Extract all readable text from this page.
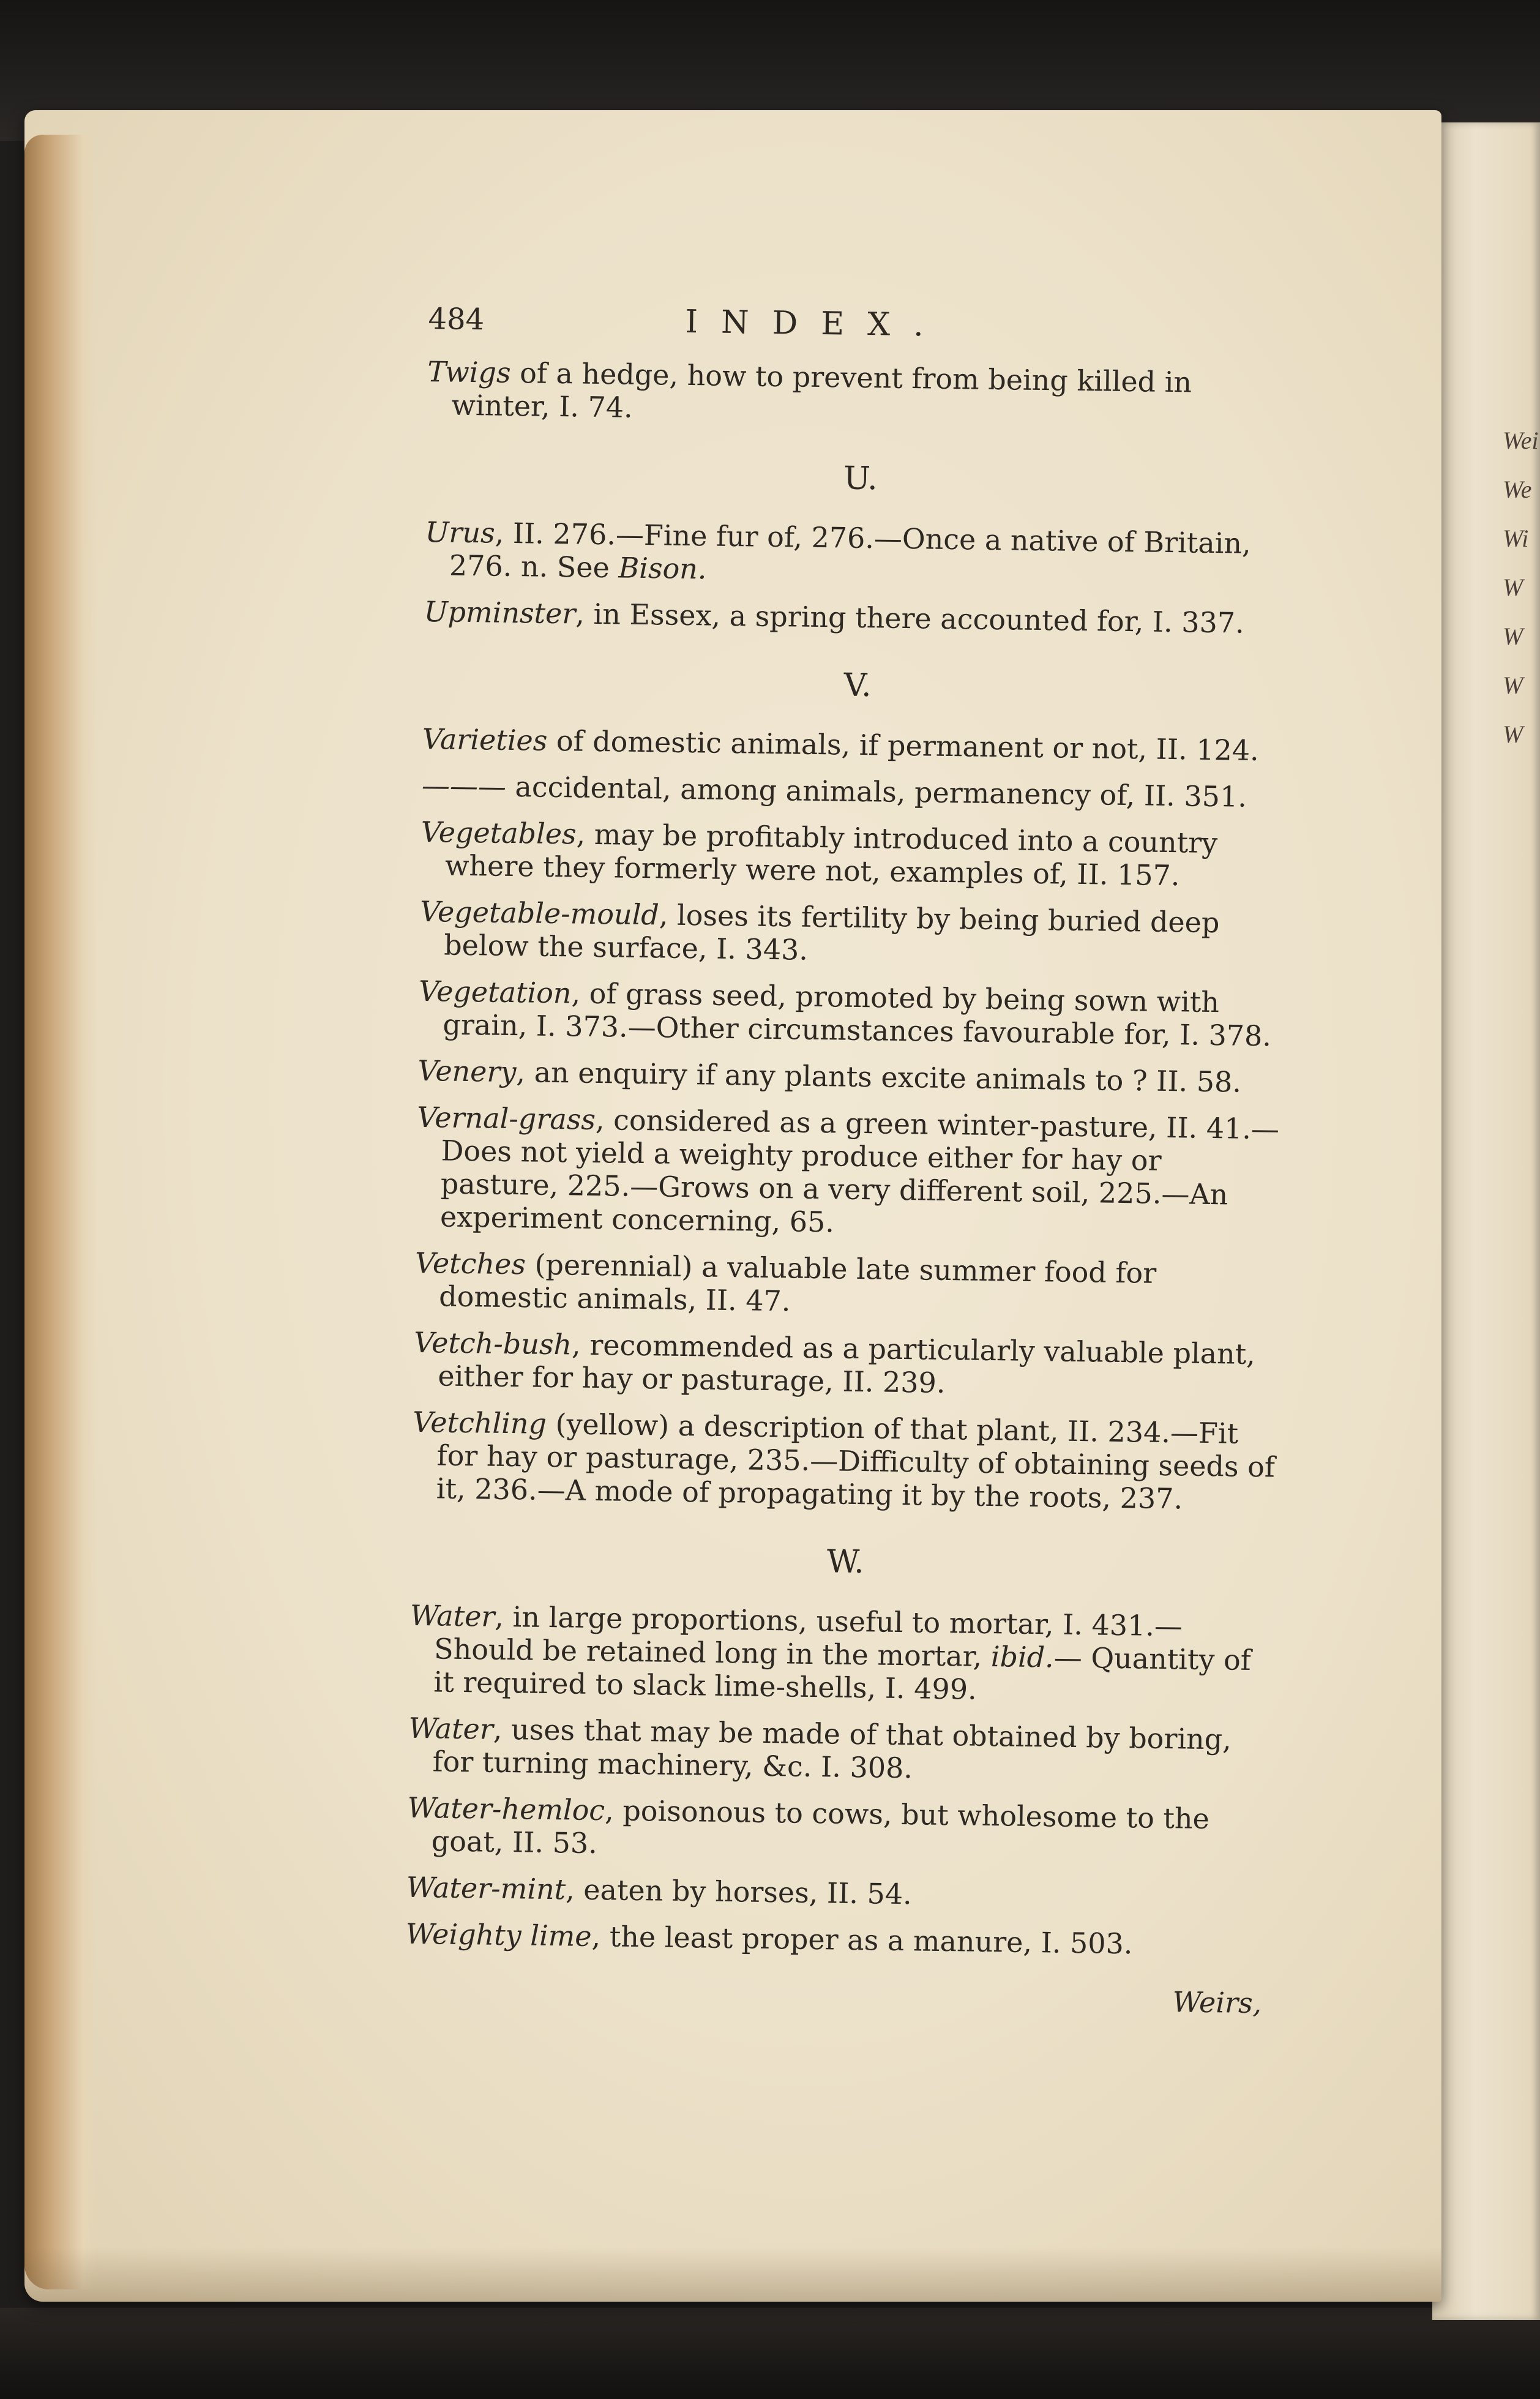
Wei
We
Wi
W
W
W
W
484	INDEX.
Twigs of a hedge, how to prevent from being killed in winter, I. 74.
U.
Urus, II. 276.—Fine fur of, 276.—Once a native of Britain, 276. n. See Bison.
Upminster, in Essex, a spring there accounted for, I. 337.
V.
Varieties of domestic animals, if permanent or not, II. 124.
——— accidental, among animals, permanency of, II. 351.
Vegetables, may be profitably introduced into a country where they formerly were not, examples of, II. 157.
Vegetable-mould, loses its fertility by being buried deep below the surface, I. 343.
Vegetation, of grass seed, promoted by being sown with grain, I. 373.—Other circumstances favourable for, I. 378.
Venery, an enquiry if any plants excite animals to ? II. 58.
Vernal-grass, considered as a green winter-pasture, II. 41.—Does not yield a weighty produce either for hay or pasture, 225.—Grows on a very different soil, 225.—An experiment concerning, 65.
Vetches (perennial) a valuable late summer food for domestic animals, II. 47.
Vetch-bush, recommended as a particularly valuable plant, either for hay or pasturage, II. 239.
Vetchling (yellow) a description of that plant, II. 234.—Fit for hay or pasturage, 235.—Difficulty of obtaining seeds of it, 236.—A mode of propagating it by the roots, 237.
W.
Water, in large proportions, useful to mortar, I. 431.— Should be retained long in the mortar, ibid.— Quantity of it required to slack lime-shells, I. 499.
Water, uses that may be made of that obtained by boring, for turning machinery, &c. I. 308.
Water-hemloc, poisonous to cows, but wholesome to the goat, II. 53.
Water-mint, eaten by horses, II. 54.
Weighty lime, the least proper as a manure, I. 503.
Weirs,
